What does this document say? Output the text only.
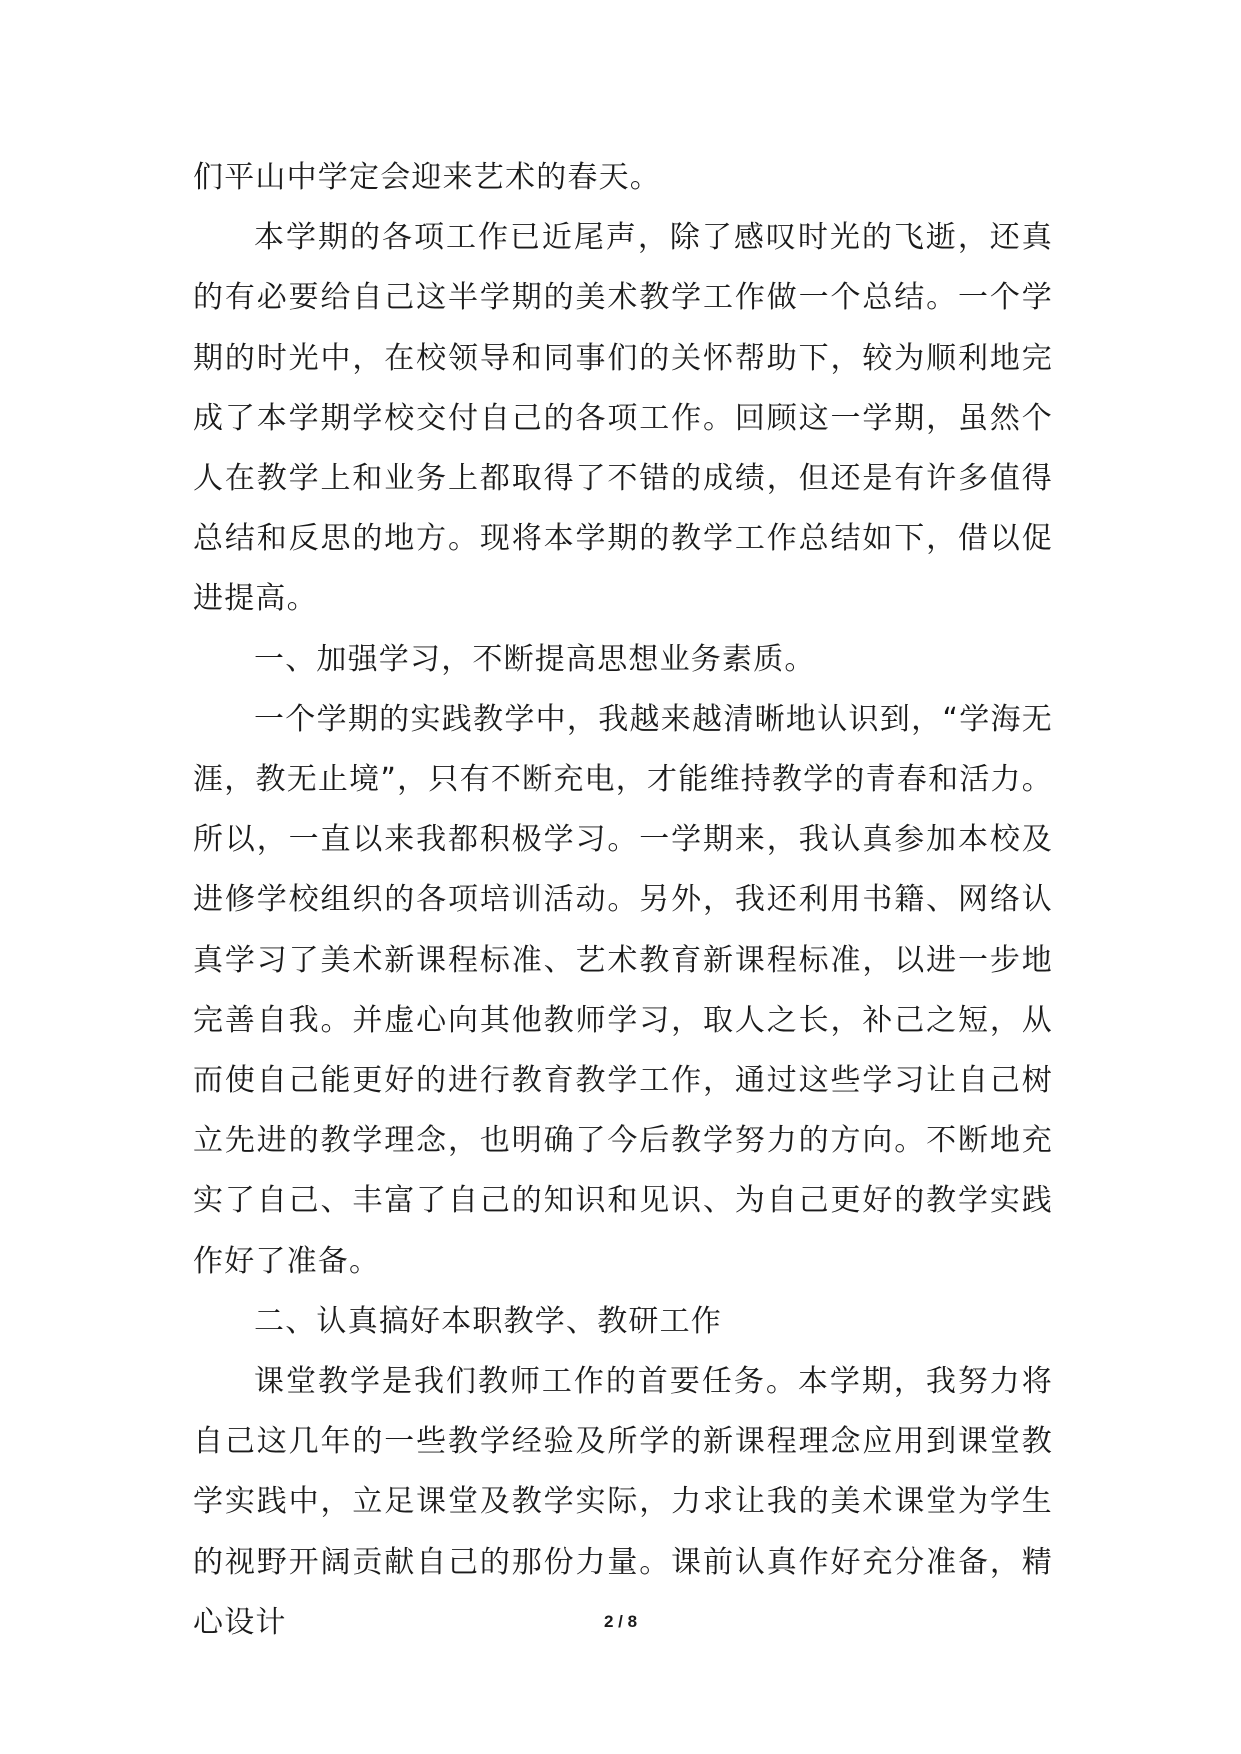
们平山中学定会迎来艺术的春天。

本学期的各项工作已近尾声，除了感叹时光的飞逝，还真的有必要给自己这半学期的美术教学工作做一个总结。一个学期的时光中，在校领导和同事们的关怀帮助下，较为顺利地完成了本学期学校交付自己的各项工作。回顾这一学期，虽然个人在教学上和业务上都取得了不错的成绩，但还是有许多值得总结和反思的地方。现将本学期的教学工作总结如下，借以促进提高。

一、加强学习，不断提高思想业务素质。

一个学期的实践教学中，我越来越清晰地认识到，“学海无涯，教无止境”，只有不断充电，才能维持教学的青春和活力。所以，一直以来我都积极学习。一学期来，我认真参加本校及进修学校组织的各项培训活动。另外，我还利用书籍、网络认真学习了美术新课程标准、艺术教育新课程标准，以进一步地完善自我。并虚心向其他教师学习，取人之长，补己之短，从而使自己能更好的进行教育教学工作，通过这些学习让自己树立先进的教学理念，也明确了今后教学努力的方向。不断地充实了自己、丰富了自己的知识和见识、为自己更好的教学实践作好了准备。

二、认真搞好本职教学、教研工作

课堂教学是我们教师工作的首要任务。本学期，我努力将自己这几年的一些教学经验及所学的新课程理念应用到课堂教学实践中，立足课堂及教学实际，力求让我的美术课堂为学生的视野开阔贡献自己的那份力量。课前认真作好充分准备，精心设计	2 / 8
